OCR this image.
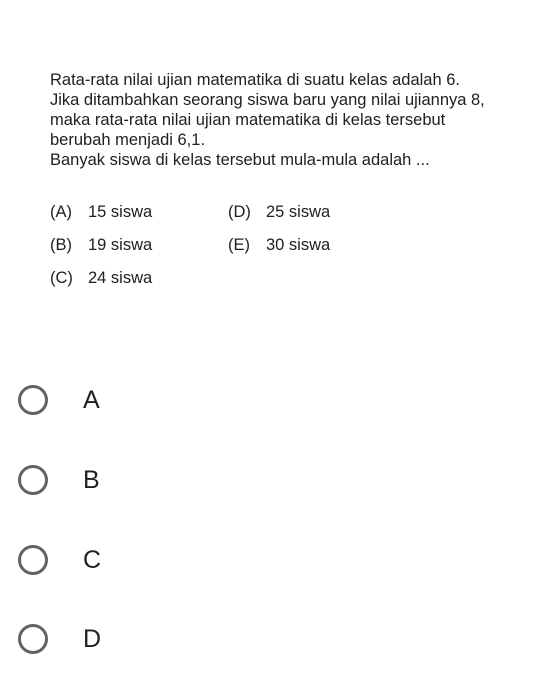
Rata-rata nilai ujian matematika di suatu kelas adalah 6.
Jika ditambahkan seorang siswa baru yang nilai ujiannya 8,
maka rata-rata nilai ujian matematika di kelas tersebut
berubah menjadi 6,1.
Banyak siswa di kelas tersebut mula-mula adalah ...
(A) 15 siswa
(B) 19 siswa
(C) 24 siswa
(D) 25 siswa
(E) 30 siswa
A
B
C
D
